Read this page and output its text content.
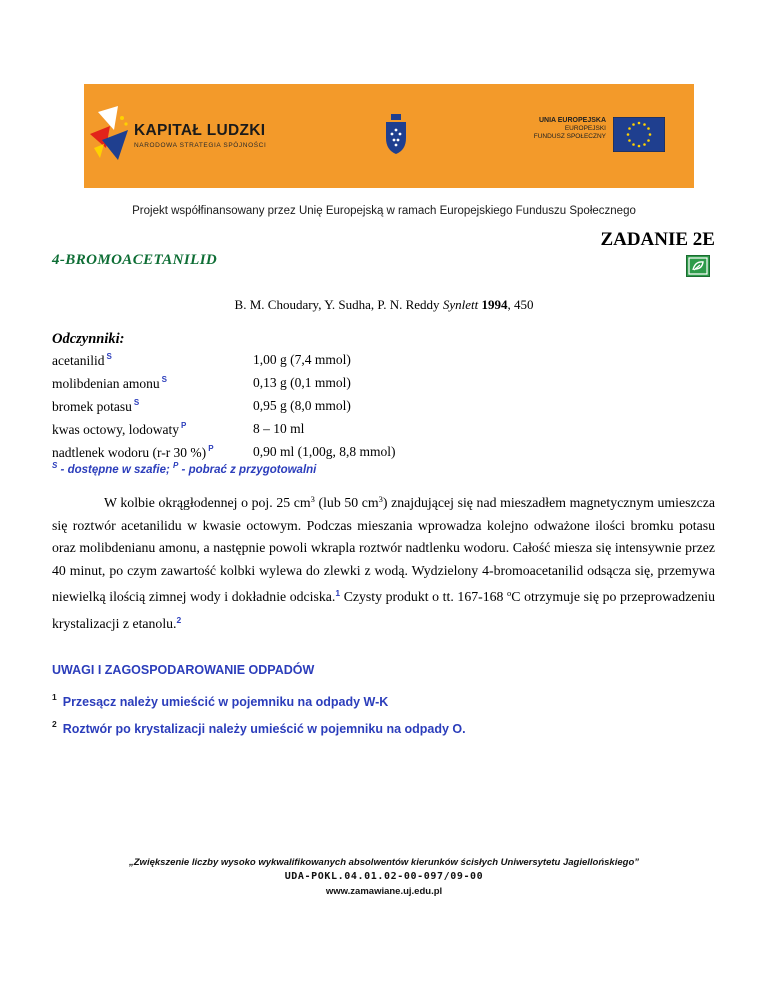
KAPITAŁ LUDZKI
NARODOWA STRATEGIA SPÓJNOŚCI
UNIA EUROPEJSKA
EUROPEJSKI
FUNDUSZ SPOŁECZNY
Projekt współfinansowany przez Unię Europejską w ramach Europejskiego Funduszu Społecznego
ZADANIE 2E
4-BROMOACETANILID
B. M. Choudary, Y. Sudha, P. N. Reddy Synlett 1994, 450
Odczynniki:
acetanilid $^S$	1,00 g (7,4 mmol)
molibdenian amonu $^S$	0,13 g (0,1 mmol)
bromek potasu $^S$	0,95 g (8,0 mmol)
kwas octowy, lodowaty $^P$	8 – 10 ml
nadtlenek wodoru (r-r 30 %) $^P$	0,90 ml (1,00g, 8,8 mmol)
$^S$ - dostępne w szafie; $^P$ - pobrać z przygotowalni

W kolbie okrągłodennej o poj. 25 $cm^3$ (lub 50 $cm^3$) znajdującej się nad mieszadłem magnetycznym umieszcza się roztwór acetanilidu w kwasie octowym. Podczas mieszania wprowadza kolejno odważone ilości bromku potasu oraz molibdenianu amonu, a następnie powoli wkrapla roztwór nadtlenku wodoru. Całość miesza się intensywnie przez 40 minut, po czym zawartość kolbki wylewa do zlewki z wodą. Wydzielony 4-bromoacetanilid odsącza się, przemywa niewielką ilością zimnej wody i dokładnie odciska.$^1$ Czysty produkt o tt. 167-168 $^o$C otrzymuje się po przeprowadzeniu krystalizacji z etanolu.$^2$

UWAGI I ZAGOSPODAROWANIE ODPADÓW
$^1$ Przesącz należy umieścić w pojemniku na odpady W-K
$^2$ Roztwór po krystalizacji należy umieścić w pojemniku na odpady O.
„Zwiększenie liczby wysoko wykwalifikowanych absolwentów kierunków ścisłych Uniwersytetu Jagiellońskiego”
UDA-POKL.04.01.02-00-097/09-00
www.zamawiane.uj.edu.pl
